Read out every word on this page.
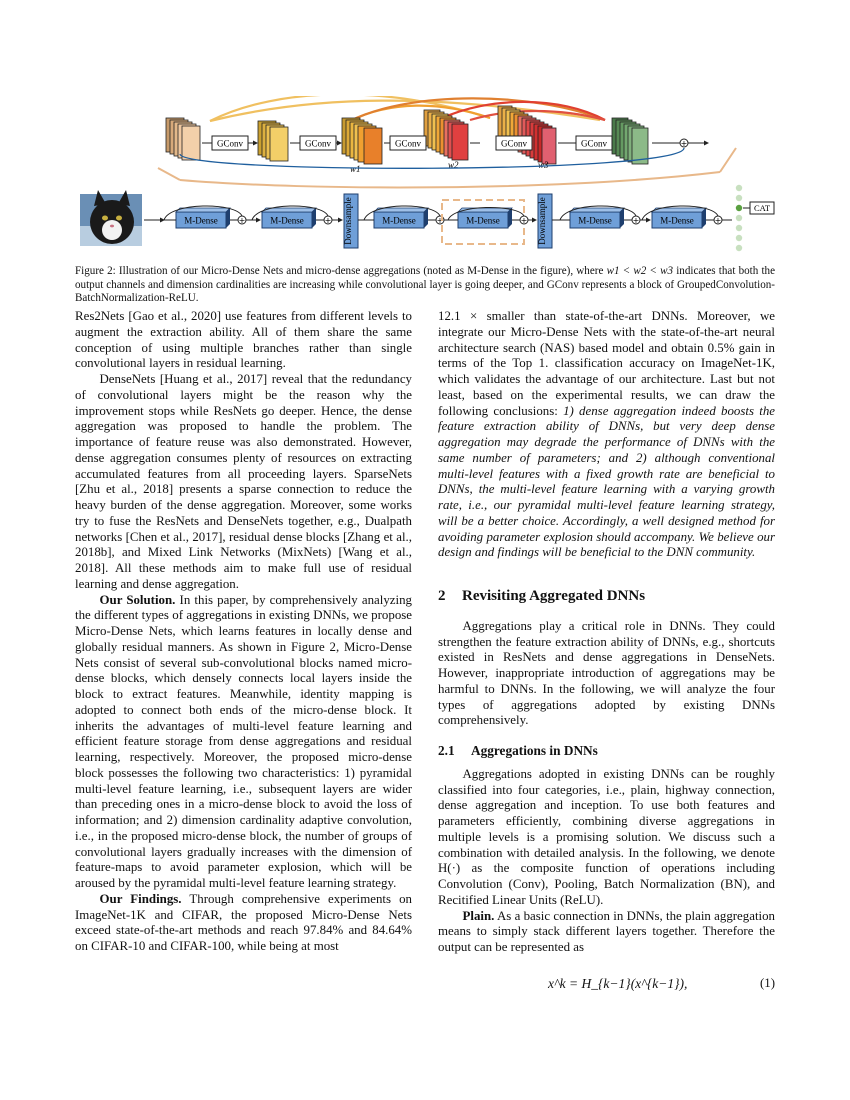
GConv	GConv	GConv	GConv	GConv
w1	w2	w3
+
M-Dense	+	M-Dense	+ Downsample	M-Dense	+	M-Dense	+ Downsample	M-Dense	+ M-Dense	+
CAT
Figure 2: Illustration of our Micro-Dense Nets and micro-dense aggregations (noted as M-Dense in the figure), where w1 < w2 < w3 indicates that both the output channels and dimension cardinalities are increasing while convolutional layer is going deeper, and GConv represents a block of GroupedConvolution-BatchNormalization-ReLU.

Res2Nets [Gao et al., 2020] use features from different levels to augment the extraction ability. All of them share the same conception of using multiple branches rather than single convolutional layers in residual learning.

DenseNets [Huang et al., 2017] reveal that the redundancy of convolutional layers might be the reason why the improvement stops while ResNets go deeper. Hence, the dense aggregation was proposed to handle the problem. The importance of feature reuse was also demonstrated. However, dense aggregation consumes plenty of resources on extracting accumulated features from all proceeding layers. SparseNets [Zhu et al., 2018] presents a sparse connection to reduce the heavy burden of the dense aggregation. Moreover, some works try to fuse the ResNets and DenseNets together, e.g., Dualpath networks [Chen et al., 2017], residual dense blocks [Zhang et al., 2018b], and Mixed Link Networks (MixNets) [Wang et al., 2018]. All these methods aim to make full use of residual learning and dense aggregation.

Our Solution. In this paper, by comprehensively analyzing the different types of aggregations in existing DNNs, we propose Micro-Dense Nets, which learns features in locally dense and globally residual manners. As shown in Figure 2, Micro-Dense Nets consist of several sub-convolutional blocks named micro-dense blocks, which densely connects local layers inside the block to extract features. Meanwhile, identity mapping is adopted to connect both ends of the micro-dense block. It inherits the advantages of multi-level feature learning and efficient feature storage from dense aggregations and residual learning, respectively. Moreover, the proposed micro-dense block possesses the following two characteristics: 1) pyramidal multi-level feature learning, i.e., subsequent layers are wider than preceding ones in a micro-dense block to avoid the loss of information; and 2) dimension cardinality adaptive convolution, i.e., in the proposed micro-dense block, the number of groups of convolutional layers gradually increases with the dimension of feature-maps to avoid parameter explosion, which will be aroused by the pyramidal multi-level feature learning strategy.

Our Findings. Through comprehensive experiments on ImageNet-1K and CIFAR, the proposed Micro-Dense Nets exceed state-of-the-art methods and reach 97.84% and 84.64% on CIFAR-10 and CIFAR-100, while being at most

12.1 × smaller than state-of-the-art DNNs. Moreover, we integrate our Micro-Dense Nets with the state-of-the-art neural architecture search (NAS) based model and obtain 0.5% gain in terms of the Top 1. classification accuracy on ImageNet-1K, which validates the advantage of our architecture. Last but not least, based on the experimental results, we can draw the following conclusions: 1) dense aggregation indeed boosts the feature extraction ability of DNNs, but very deep dense aggregation may degrade the performance of DNNs with the same number of parameters; and 2) although conventional multi-level features with a fixed growth rate are beneficial to DNNs, the multi-level feature learning with a varying growth rate, i.e., our pyramidal multi-level feature learning strategy, will be a better choice. Accordingly, a well designed method for avoiding parameter explosion should accompany. We believe our design and findings will be beneficial to the DNN community.

2 Revisiting Aggregated DNNs

Aggregations play a critical role in DNNs. They could strengthen the feature extraction ability of DNNs, e.g., shortcuts existed in ResNets and dense aggregations in DenseNets. However, inappropriate introduction of aggregations may be harmful to DNNs. In the following, we will analyze the four types of aggregations adopted by existing DNNs comprehensively.

2.1 Aggregations in DNNs

Aggregations adopted in existing DNNs can be roughly classified into four categories, i.e., plain, highway connection, dense aggregation and inception. To use both features and parameters efficiently, combining diverse aggregations in multiple levels is a promising solution. We discuss such a combination with detailed analysis. In the following, we denote H(·) as the composite function of operations including Convolution (Conv), Pooling, Batch Normalization (BN), and Recitified Linear Units (ReLU).

Plain. As a basic connection in DNNs, the plain aggregation means to simply stack different layers together. Therefore the output can be represented as

x^k = H_{k−1}(x^{k−1}),	(1)
